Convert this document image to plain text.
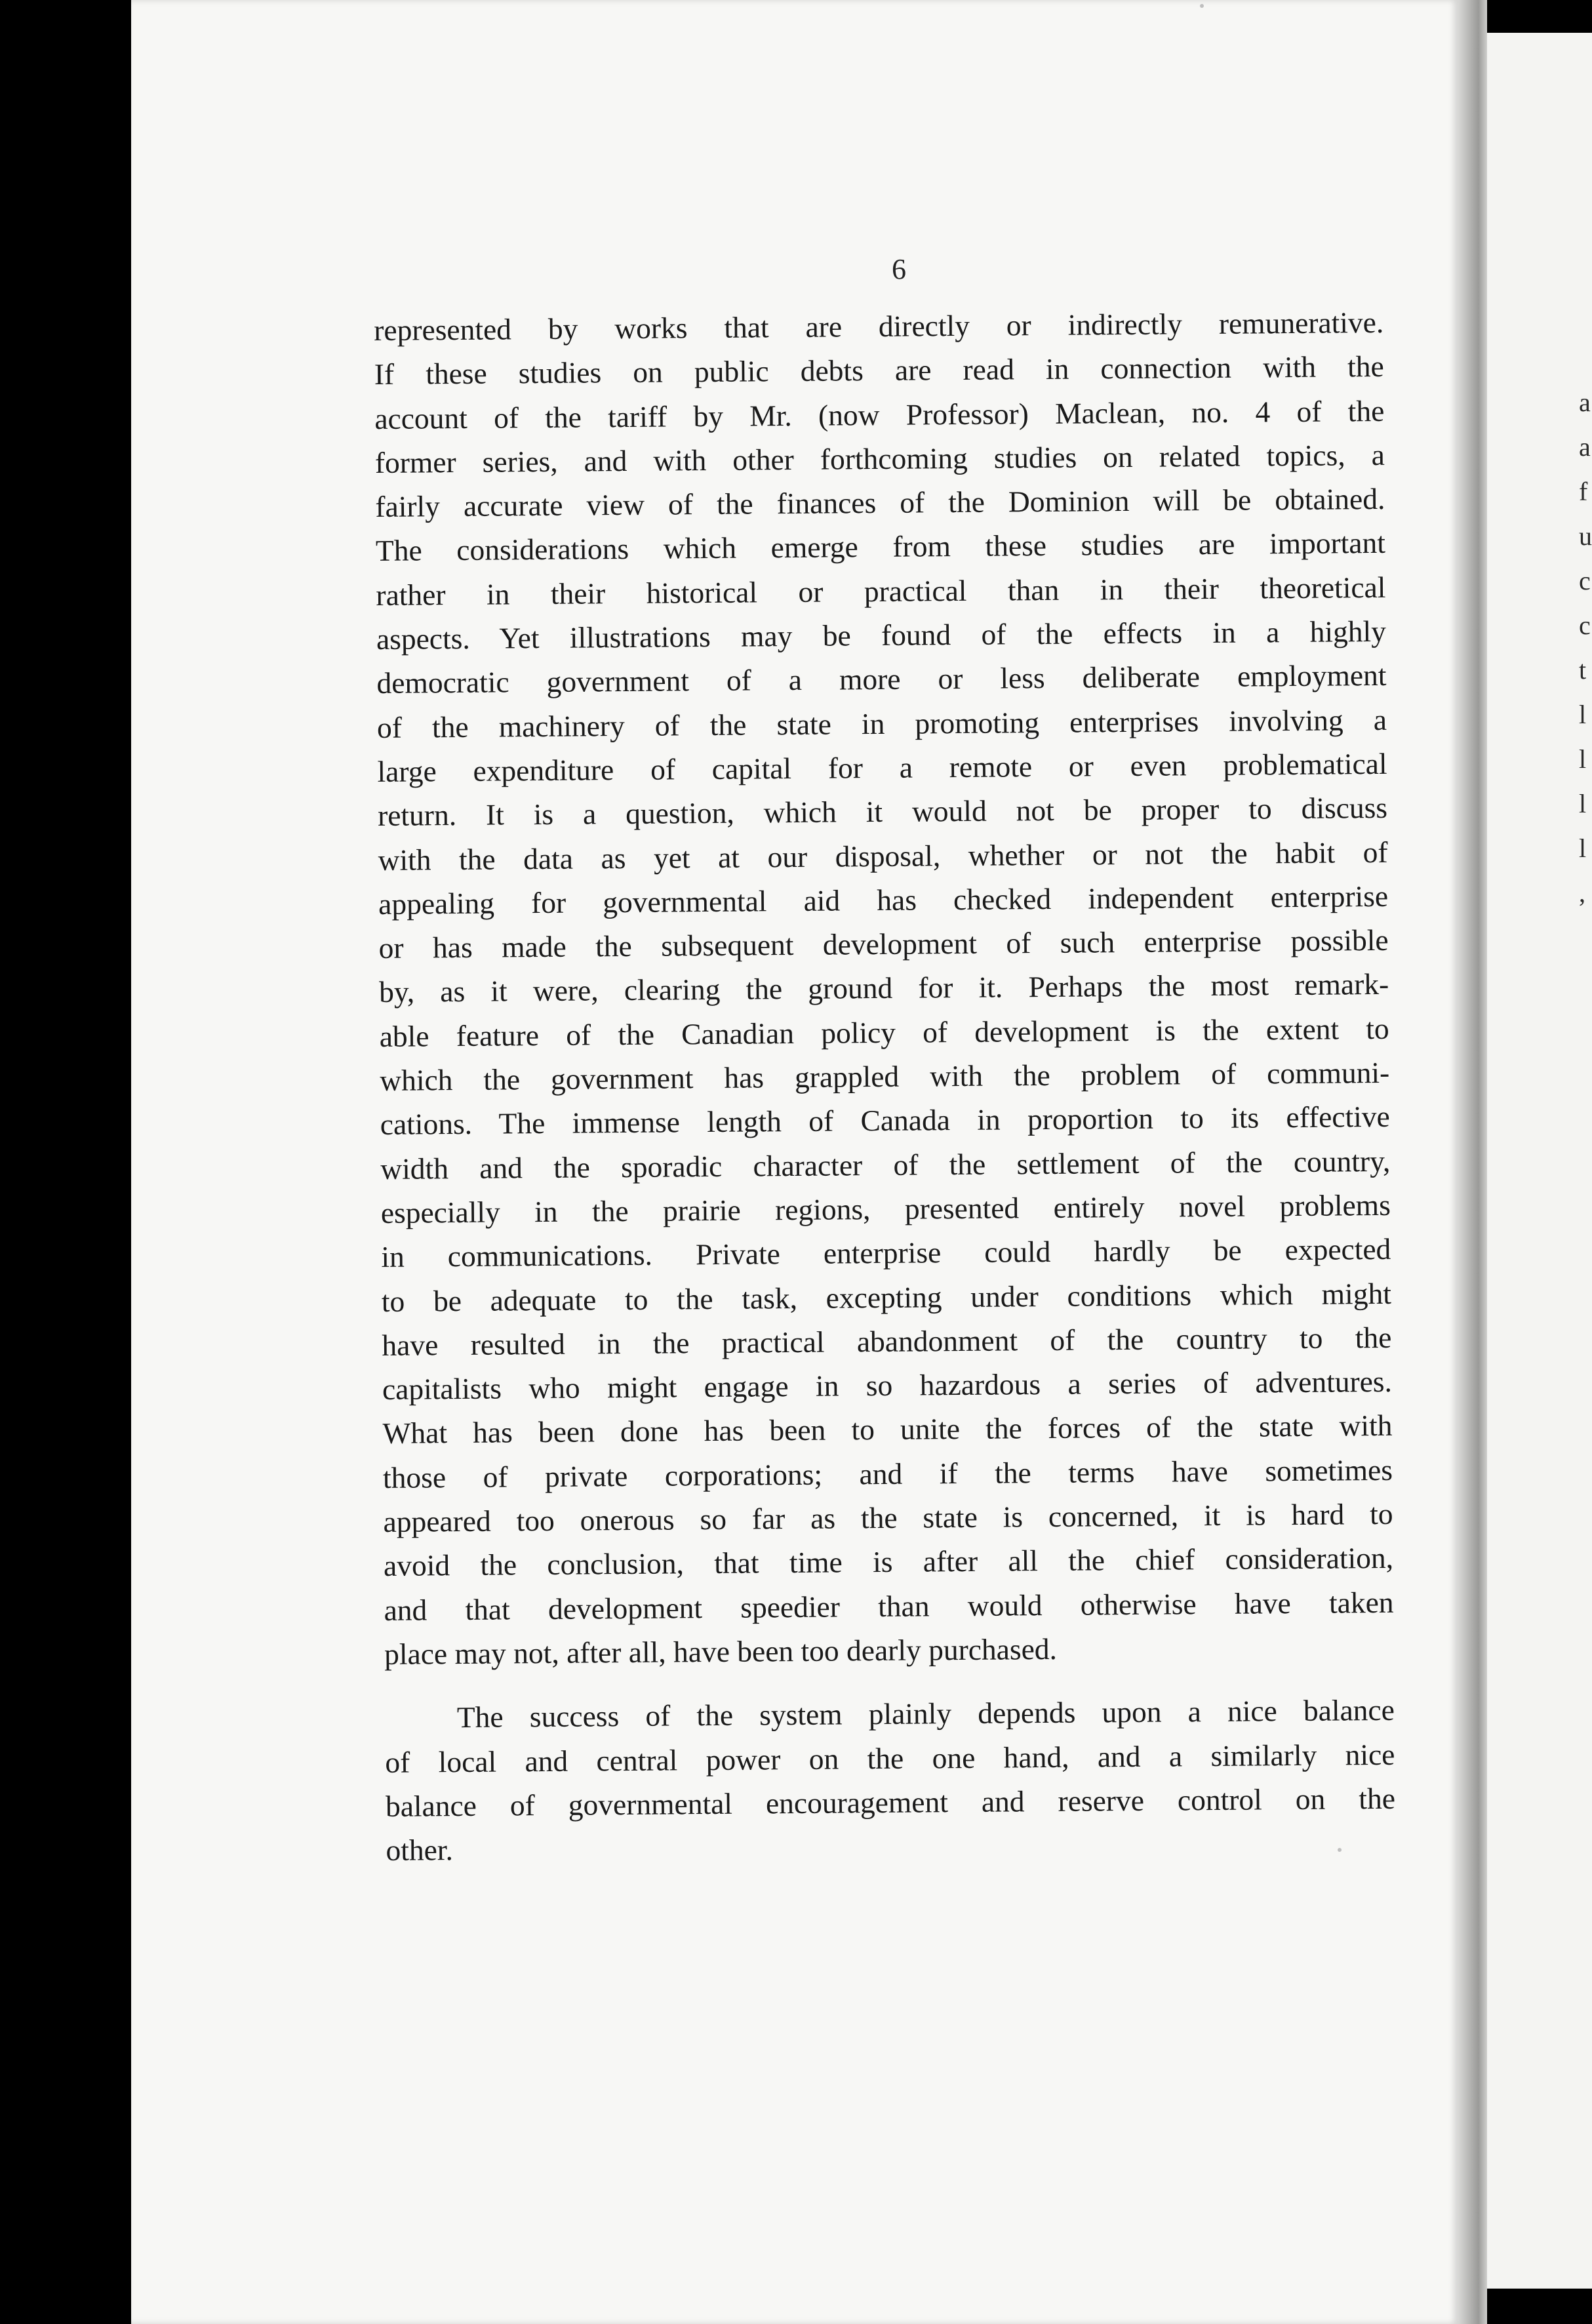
a
a
f
u
c
c
t
l
l
l
l
,
6
represented by works that are directly or indirectly remunerative.
If these studies on public debts are read in connection with the
account of the tariff by Mr. (now Professor) Maclean, no. 4 of the
former series, and with other forthcoming studies on related topics, a
fairly accurate view of the finances of the Dominion will be obtained.
The considerations which emerge from these studies are important
rather in their historical or practical than in their theoretical
aspects. Yet illustrations may be found of the effects in a highly
democratic government of a more or less deliberate employment
of the machinery of the state in promoting enterprises involving a
large expenditure of capital for a remote or even problematical
return. It is a question, which it would not be proper to discuss
with the data as yet at our disposal, whether or not the habit of
appealing for governmental aid has checked independent enterprise
or has made the subsequent development of such enterprise possible
by, as it were, clearing the ground for it. Perhaps the most remark-
able feature of the Canadian policy of development is the extent to
which the government has grappled with the problem of communi-
cations. The immense length of Canada in proportion to its effective
width and the sporadic character of the settlement of the country,
especially in the prairie regions, presented entirely novel problems
in communications. Private enterprise could hardly be expected
to be adequate to the task, excepting under conditions which might
have resulted in the practical abandonment of the country to the
capitalists who might engage in so hazardous a series of adventures.
What has been done has been to unite the forces of the state with
those of private corporations; and if the terms have sometimes
appeared too onerous so far as the state is concerned, it is hard to
avoid the conclusion, that time is after all the chief consideration,
and that development speedier than would otherwise have taken
place may not, after all, have been too dearly purchased.
The success of the system plainly depends upon a nice balance
of local and central power on the one hand, and a similarly nice
balance of governmental encouragement and reserve control on the
other.
